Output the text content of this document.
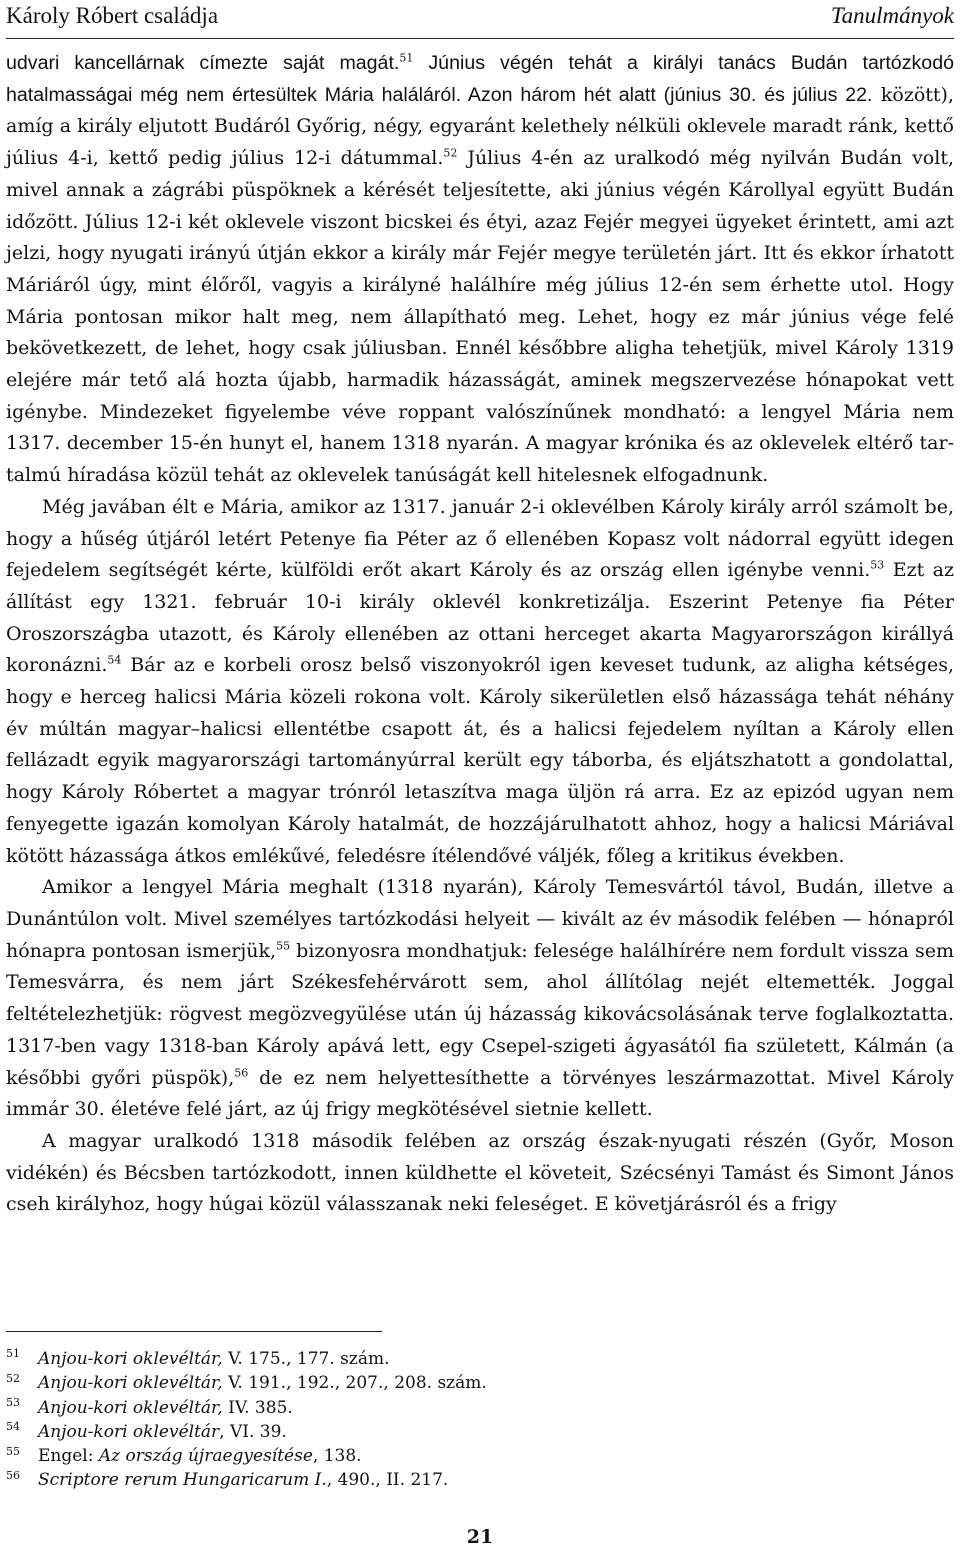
Károly Róbert családja	Tanulmányok

udvari kancellárnak címezte saját magát.$^{51}$ Június végén tehát a királyi tanács Budán tartózkodó hatalmasságai még nem értesültek Mária haláláról. Azon három hét alatt (június 30. és július 22. között), amíg a király eljutott Budáról Győrig, négy, egyaránt kelethely nélküli oklevele maradt ránk, kettő július 4-i, kettő pedig július 12-i dátummal.$^{52}$ Július 4-én az uralkodó még nyilván Budán volt, mivel annak a zágrábi püspöknek a kérését teljesítette, aki június végén Károllyal együtt Budán időzött. Július 12-i két oklevele viszont bicskei és étyi, azaz Fejér megyei ügyeket érintett, ami azt jelzi, hogy nyugati irányú útján ekkor a király már Fejér megye területén járt. Itt és ekkor írhatott Máriáról úgy, mint élőről, vagyis a királyné halálhíre még július 12-én sem érhette utol. Hogy Mária pontosan mikor halt meg, nem állapítható meg. Lehet, hogy ez már június vége felé bekövetkezett, de lehet, hogy csak júliusban. Ennél későbbre aligha tehetjük, mivel Károly 1319 elejére már tető alá hozta újabb, harmadik házasságát, aminek megszervezése hónapokat vett igénybe. Mindezeket figyelembe véve roppant valószínűnek mondható: a lengyel Mária nem 1317. december 15-én hunyt el, hanem 1318 nyarán. A magyar krónika és az oklevelek eltérő tartalmú híradása közül tehát az oklevelek tanúságát kell hitelesnek elfogadnunk.

Még javában élt e Mária, amikor az 1317. január 2-i oklevélben Károly király arról számolt be, hogy a hűség útjáról letért Petenye fia Péter az ő ellenében Kopasz volt nádorral együtt idegen fejedelem segítségét kérte, külföldi erőt akart Károly és az ország ellen igénybe venni.$^{53}$ Ezt az állítást egy 1321. február 10-i király oklevél konkretizálja. Eszerint Petenye fia Péter Oroszországba utazott, és Károly ellenében az ottani herceget akarta Magyarországon királlyá koronázni.$^{54}$ Bár az e korbeli orosz belső viszonyokról igen keveset tudunk, az aligha kétséges, hogy e herceg halicsi Mária közeli rokona volt. Károly sikerületlen első házassága tehát néhány év múltán magyar–halicsi ellentétbe csapott át, és a halicsi fejedelem nyíltan a Károly ellen fellázadt egyik magyarországi tartományúrral került egy táborba, és eljátszhatott a gondolattal, hogy Károly Róbertet a magyar trónról letaszítva maga üljön rá arra. Ez az epizód ugyan nem fenyegette igazán komolyan Károly hatalmát, de hozzájárulhatott ahhoz, hogy a halicsi Máriával kötött házassága átkos emlékűvé, feledésre ítélendővé váljék, főleg a kritikus években.

Amikor a lengyel Mária meghalt (1318 nyarán), Károly Temesvártól távol, Budán, illetve a Dunántúlon volt. Mivel személyes tartózkodási helyeit — kivált az év második felében — hónapról hónapra pontosan ismerjük,$^{55}$ bizonyosra mondhatjuk: felesége halálhírére nem fordult vissza sem Temesvárra, és nem járt Székesfehérvárott sem, ahol állítólag nejét eltemették. Joggal feltételezhetjük: rögvest megözvegyülése után új házasság kikovácsolásának terve foglalkoztatta. 1317-ben vagy 1318-ban Károly apává lett, egy Csepel-szigeti ágyasától fia született, Kálmán (a későbbi győri püspök),$^{56}$ de ez nem helyettesíthette a törvényes leszármazottat. Mivel Károly immár 30. életéve felé járt, az új frigy megkötésével sietnie kellett.

A magyar uralkodó 1318 második felében az ország észak-nyugati részén (Győr, Moson vidékén) és Bécsben tartózkodott, innen küldhette el követeit, Szécsényi Tamást és Simont János cseh királyhoz, hogy húgai közül válasszanak neki feleséget. E követjárásról és a frigy

51 Anjou-kori oklevéltár, V. 175., 177. szám.
52 Anjou-kori oklevéltár, V. 191., 192., 207., 208. szám.
53 Anjou-kori oklevéltár, IV. 385.
54 Anjou-kori oklevéltár, VI. 39.
55 Engel: Az ország újraegyesítése, 138.
56 Scriptore rerum Hungaricarum I., 490., II. 217.
21
